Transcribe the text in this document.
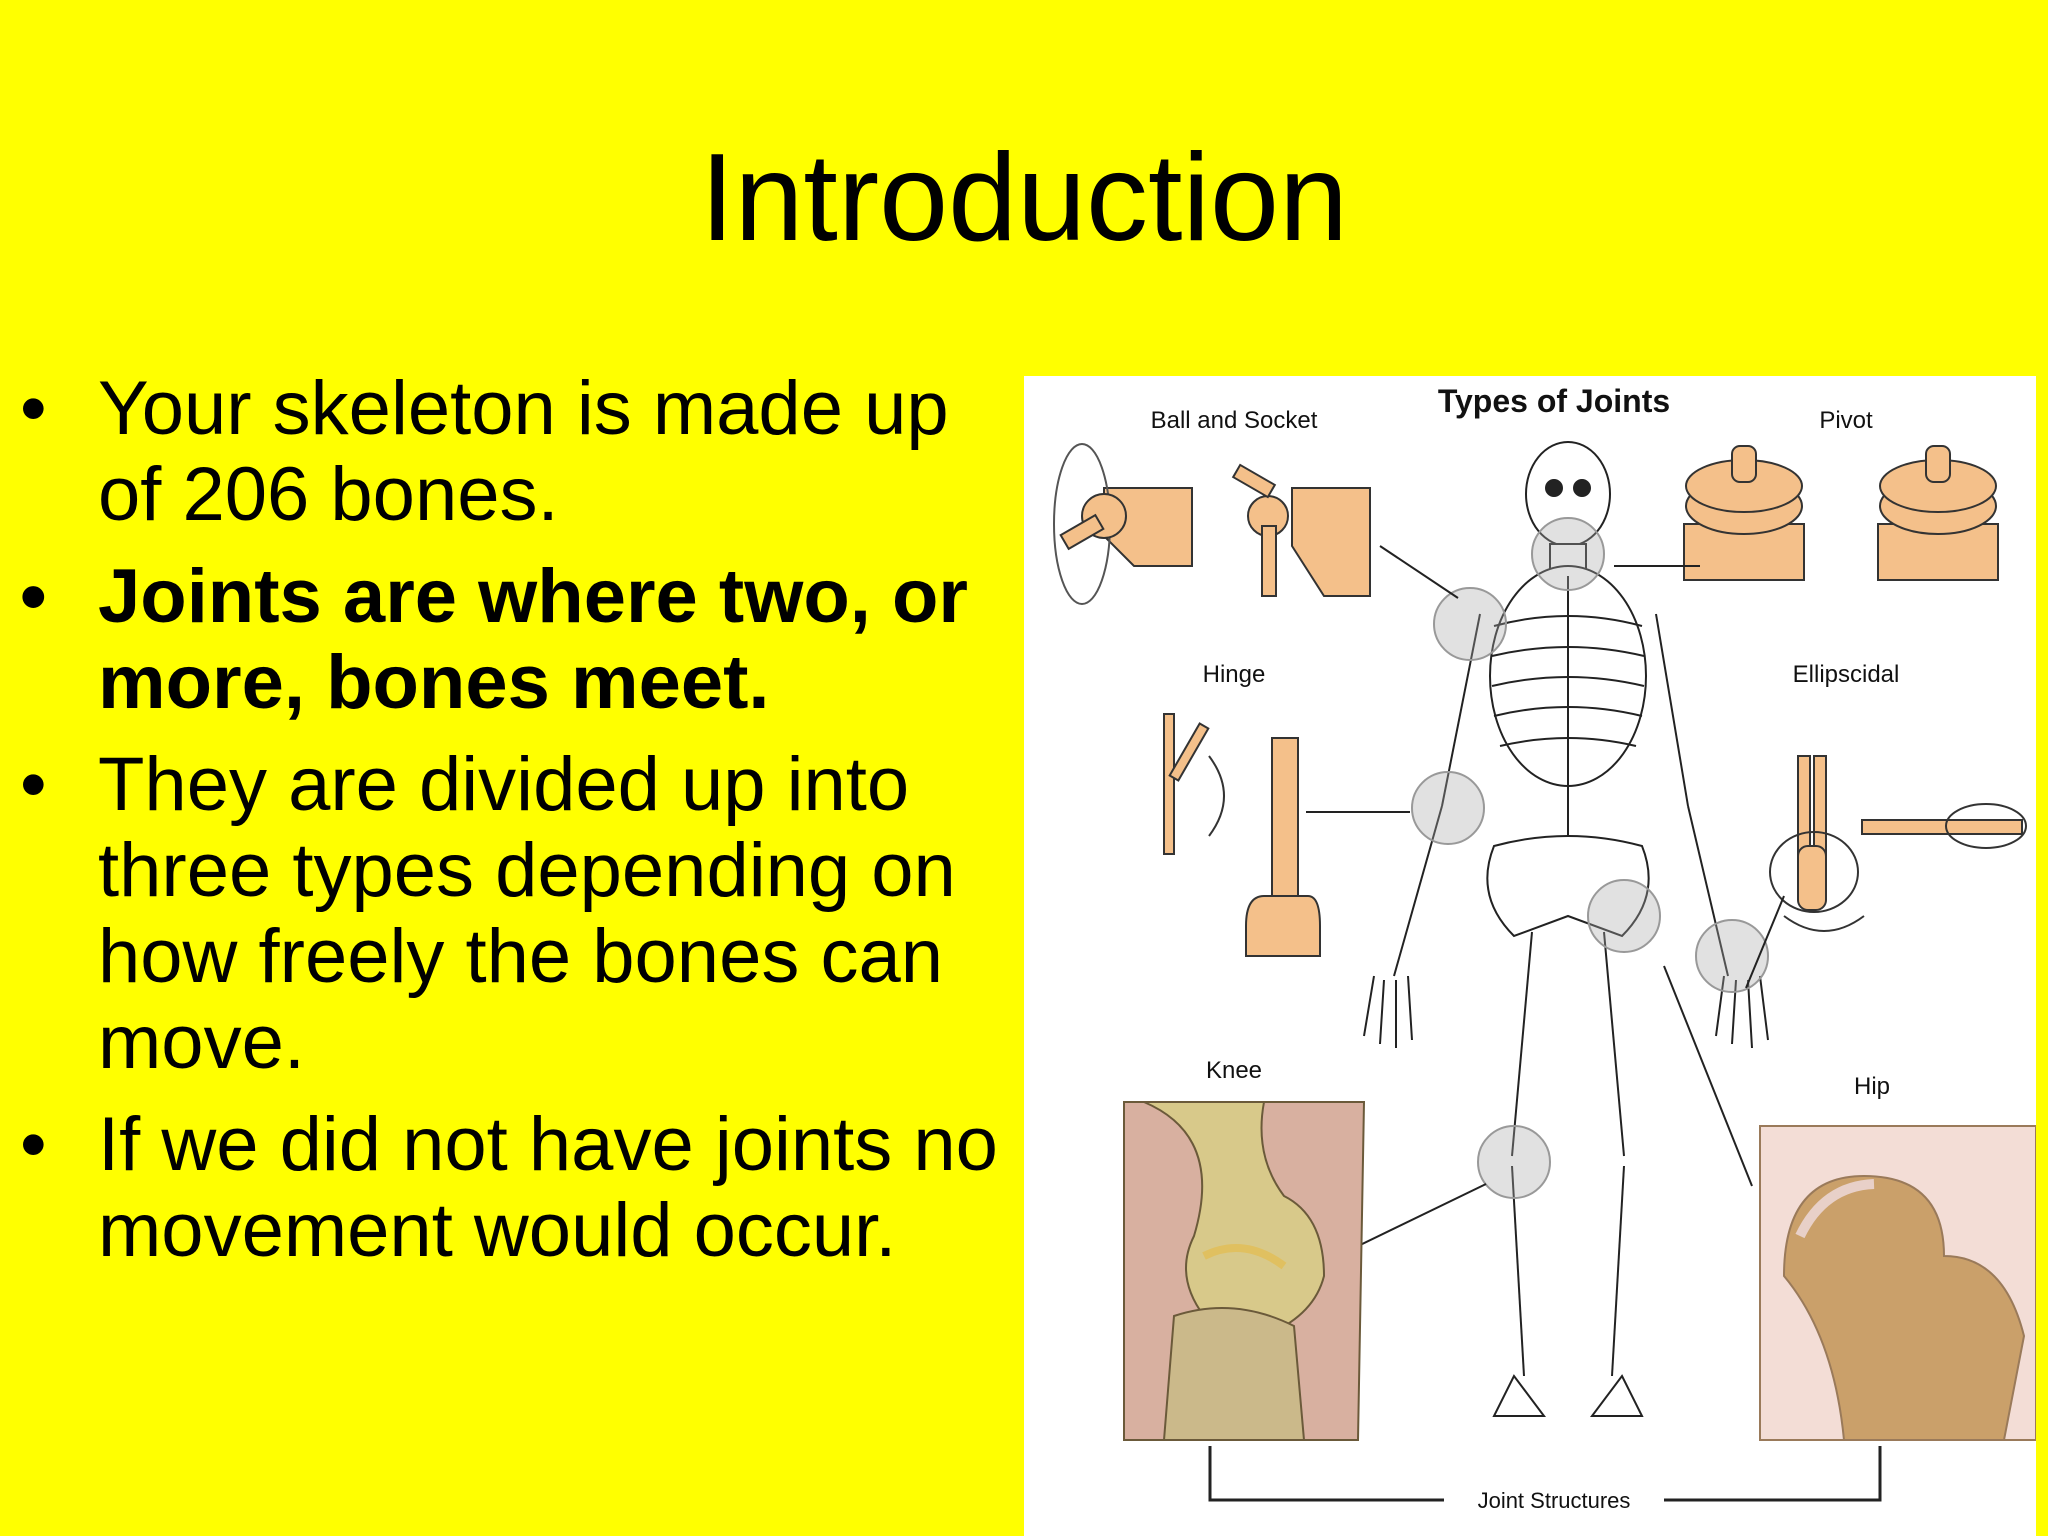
Introduction
• Your skeleton is made up of 206 bones.
• Joints are where two, or more, bones meet.
• They are divided up into three types depending on how freely the bones can move.
• If we did not have joints no movement would occur.
Types of Joints
Ball and Socket	Pivot
Hinge	Ellipscidal
Knee
Hip
Joint Structures
